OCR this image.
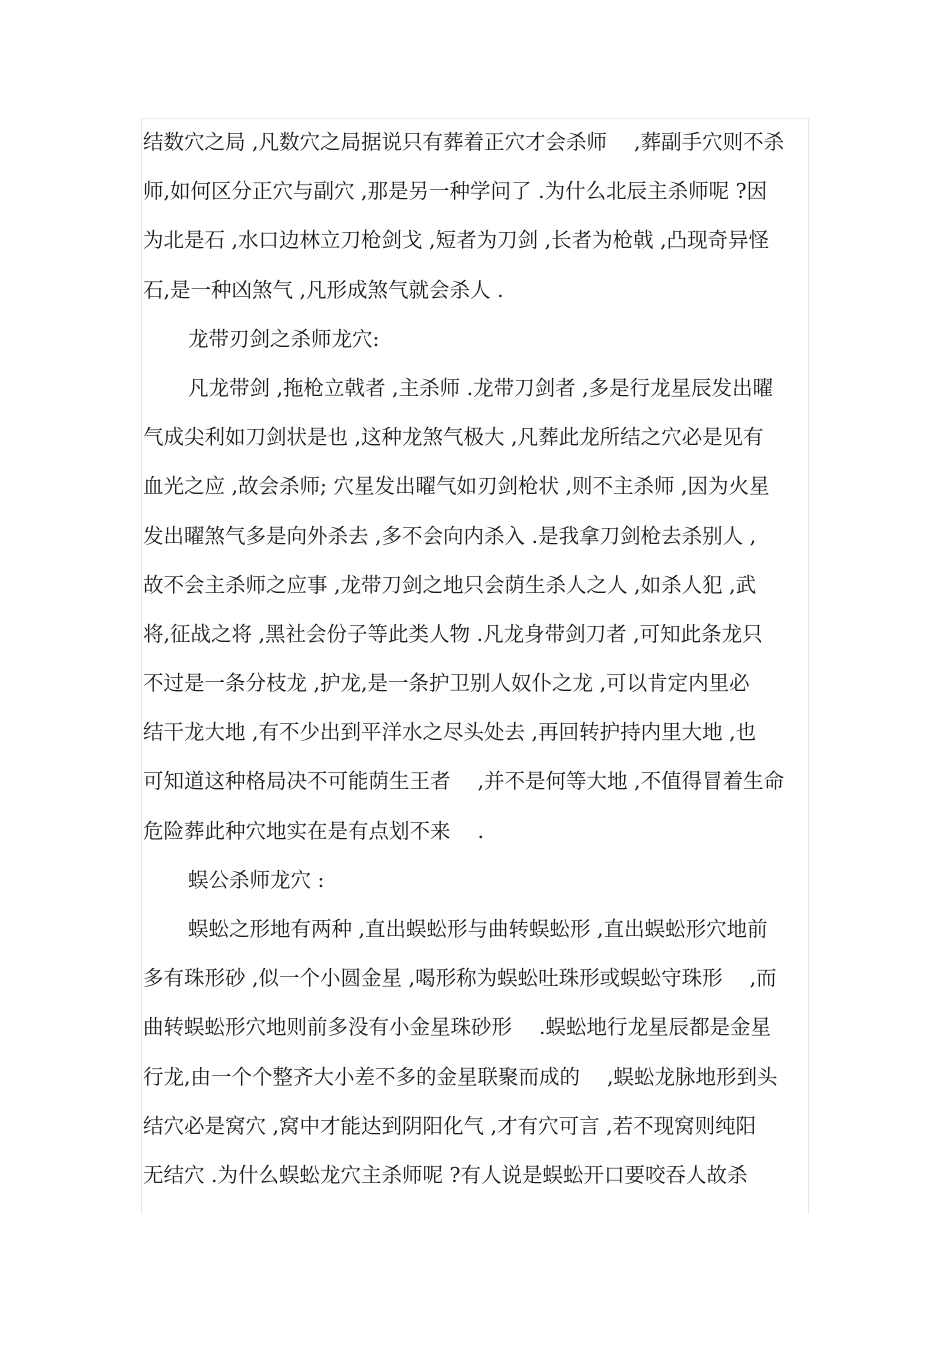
结数穴之局 ,凡数穴之局据说只有葬着正穴才会杀师 　,葬副手穴则不杀
师,如何区分正穴与副穴 ,那是另一种学问了 .为什么北辰主杀师呢 ?因
为北是石 ,水口边林立刀枪剑戈 ,短者为刀剑 ,长者为枪戟 ,凸现奇异怪
石,是一种凶煞气 ,凡形成煞气就会杀人 .
龙带刃剑之杀师龙穴:
凡龙带剑 ,拖枪立戟者 ,主杀师 .龙带刀剑者 ,多是行龙星辰发出曜
气成尖利如刀剑状是也 ,这种龙煞气极大 ,凡葬此龙所结之穴必是见有
血光之应 ,故会杀师; 穴星发出曜气如刃剑枪状 ,则不主杀师 ,因为火星
发出曜煞气多是向外杀去 ,多不会向内杀入 .是我拿刀剑枪去杀别人 ,
故不会主杀师之应事 ,龙带刀剑之地只会荫生杀人之人 ,如杀人犯 ,武
将,征战之将 ,黑社会份子等此类人物 .凡龙身带剑刀者 ,可知此条龙只
不过是一条分枝龙 ,护龙,是一条护卫别人奴仆之龙 ,可以肯定内里必
结干龙大地 ,有不少出到平洋水之尽头处去 ,再回转护持内里大地 ,也
可知道这种格局决不可能荫生王者 　,并不是何等大地 ,不值得冒着生命
危险葬此种穴地实在是有点划不来 　.
蜈公杀师龙穴 :
蜈蚣之形地有两种 ,直出蜈蚣形与曲转蜈蚣形 ,直出蜈蚣形穴地前
多有珠形砂 ,似一个小圆金星 ,喝形称为蜈蚣吐珠形或蜈蚣守珠形 　,而
曲转蜈蚣形穴地则前多没有小金星珠砂形 　.蜈蚣地行龙星辰都是金星
行龙,由一个个整齐大小差不多的金星联聚而成的 　,蜈蚣龙脉地形到头
结穴必是窝穴 ,窝中才能达到阴阳化气 ,才有穴可言 ,若不现窝则纯阳
无结穴 .为什么蜈蚣龙穴主杀师呢 ?有人说是蜈蚣开口要咬吞人故杀
